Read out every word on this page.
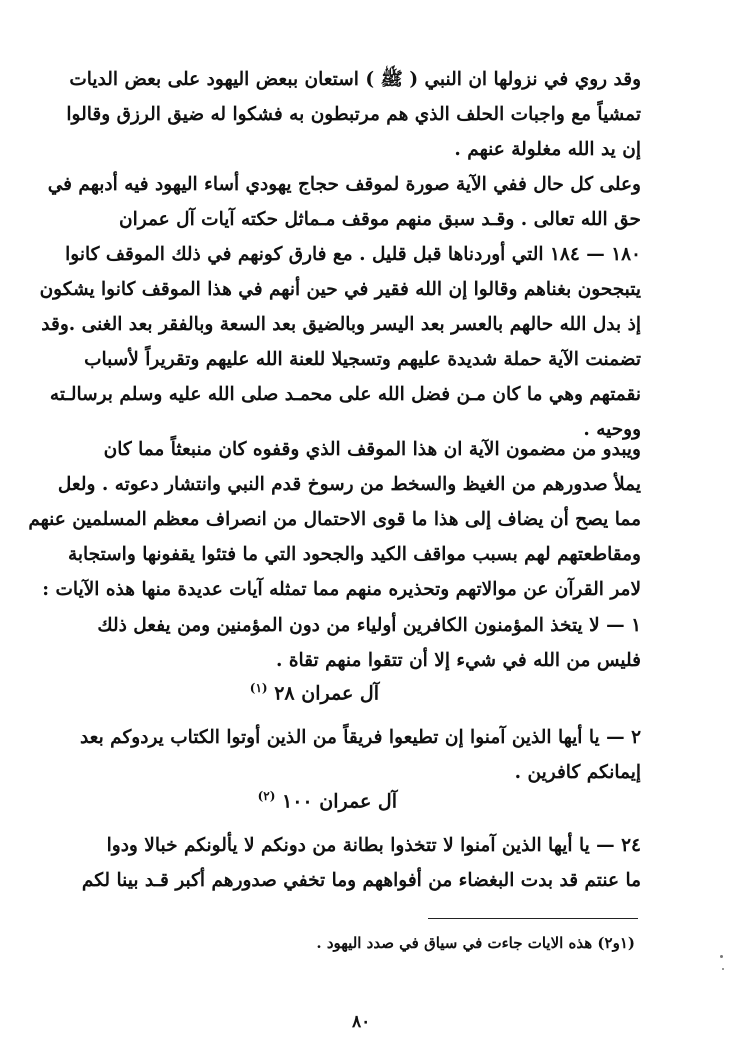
وقد روي في نزولها ان النبي ( ﷺ ) استعان ببعض اليهود على بعض الديات
تمشياً مع واجبات الحلف الذي هم مرتبطون به فشكوا له ضيق الرزق وقالوا
إن يد الله مغلولة عنهم .

وعلى كل حال ففي الآية صورة لموقف حجاج يهودي أساء اليهود فيه أدبهم في
حق الله تعالى . وقـد سبق منهم موقف مـماثل حكته آيات آل عمران
١٨٠ — ١٨٤ التي أوردناها قبل قليل . مع فارق كونهم في ذلك الموقف كانوا
يتبجحون بغناهم وقالوا إن الله فقير في حين أنهم في هذا الموقف كانوا يشكون
إذ بدل الله حالهم بالعسر بعد اليسر وبالضيق بعد السعة وبالفقر بعد الغنى .وقد
تضمنت الآية حملة شديدة عليهم وتسجيلا للعنة الله عليهم وتقريراً لأسباب
نقمتهم وهي ما كان مـن فضل الله على محمـد صلى الله عليه وسلم برسالـته
ووحيه .

ويبدو من مضمون الآية ان هذا الموقف الذي وقفوه كان منبعثاً مما كان
يملأ صدورهم من الغيظ والسخط من رسوخ قدم النبي وانتشار دعوته . ولعل
مما يصح أن يضاف إلى هذا ما قوى الاحتمال من انصراف معظم المسلمين عنهم
ومقاطعتهم لهم بسبب مواقف الكيد والجحود التي ما فتئوا يقفونها واستجابة
لامر القرآن عن موالاتهم وتحذيره منهم مما تمثله آيات عديدة منها هذه الآيات :

١ — لا يتخذ المؤمنون الكافرين أولياء من دون المؤمنين ومن يفعل ذلك
فليس من الله في شيء إلا أن تتقوا منهم تقاة .

آل عمران ٢٨ $^{(١)}$

٢ — يا أيها الذين آمنوا إن تطيعوا فريقاً من الذين أوتوا الكتاب يردوكم بعد
إيمانكم كافرين .

آل عمران ١٠٠ $^{(٢)}$

٢٤ — يا أيها الذين آمنوا لا تتخذوا بطانة من دونكم لا يألونكم خبالا ودوا
ما عنتم قد بدت البغضاء من أفواههم وما تخفي صدورهم أكبر قـد بينا لكم

(١و٢) هذه الايات جاءت في سياق في صدد اليهود .
٨٠
